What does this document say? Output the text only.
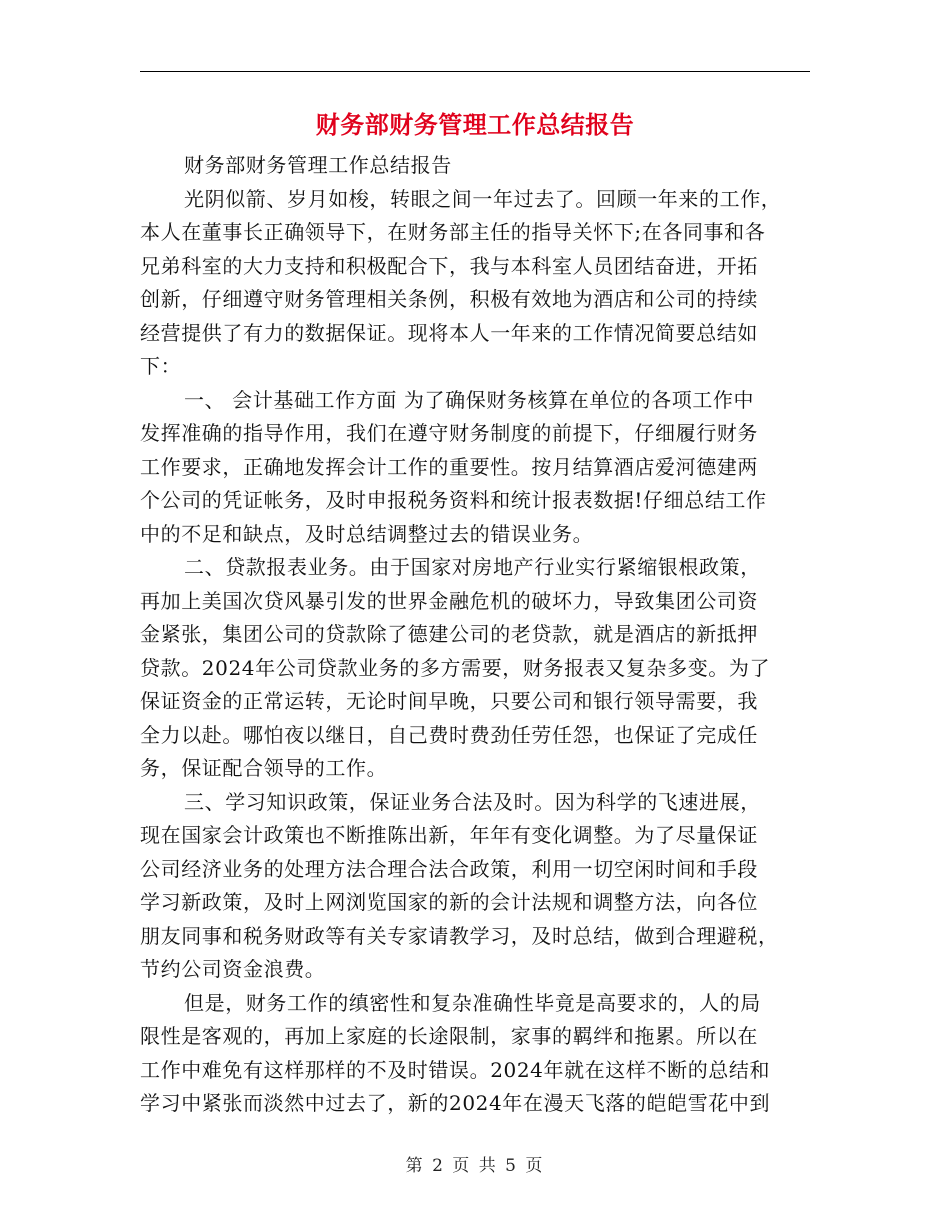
财务部财务管理工作总结报告
财务部财务管理工作总结报告
光阴似箭、岁月如梭，转眼之间一年过去了。回顾一年来的工作，
本人在董事长正确领导下，在财务部主任的指导关怀下;在各同事和各
兄弟科室的大力支持和积极配合下，我与本科室人员团结奋进，开拓
创新，仔细遵守财务管理相关条例，积极有效地为酒店和公司的持续
经营提供了有力的数据保证。现将本人一年来的工作情况简要总结如
下：
一、 会计基础工作方面 为了确保财务核算在单位的各项工作中
发挥准确的指导作用，我们在遵守财务制度的前提下，仔细履行财务
工作要求，正确地发挥会计工作的重要性。按月结算酒店爱河德建两
个公司的凭证帐务，及时申报税务资料和统计报表数据!仔细总结工作
中的不足和缺点，及时总结调整过去的错误业务。
二、贷款报表业务。由于国家对房地产行业实行紧缩银根政策，
再加上美国次贷风暴引发的世界金融危机的破坏力，导致集团公司资
金紧张，集团公司的贷款除了德建公司的老贷款，就是酒店的新抵押
贷款。2024年公司贷款业务的多方需要，财务报表又复杂多变。为了
保证资金的正常运转，无论时间早晚，只要公司和银行领导需要，我
全力以赴。哪怕夜以继日，自己费时费劲任劳任怨，也保证了完成任
务，保证配合领导的工作。
三、学习知识政策，保证业务合法及时。因为科学的飞速进展，
现在国家会计政策也不断推陈出新，年年有变化调整。为了尽量保证
公司经济业务的处理方法合理合法合政策，利用一切空闲时间和手段
学习新政策，及时上网浏览国家的新的会计法规和调整方法，向各位
朋友同事和税务财政等有关专家请教学习，及时总结，做到合理避税，
节约公司资金浪费。
但是，财务工作的缜密性和复杂准确性毕竟是高要求的，人的局
限性是客观的，再加上家庭的长途限制，家事的羁绊和拖累。所以在
工作中难免有这样那样的不及时错误。2024年就在这样不断的总结和
学习中紧张而淡然中过去了，新的2024年在漫天飞落的皑皑雪花中到
第 2 页 共 5 页
